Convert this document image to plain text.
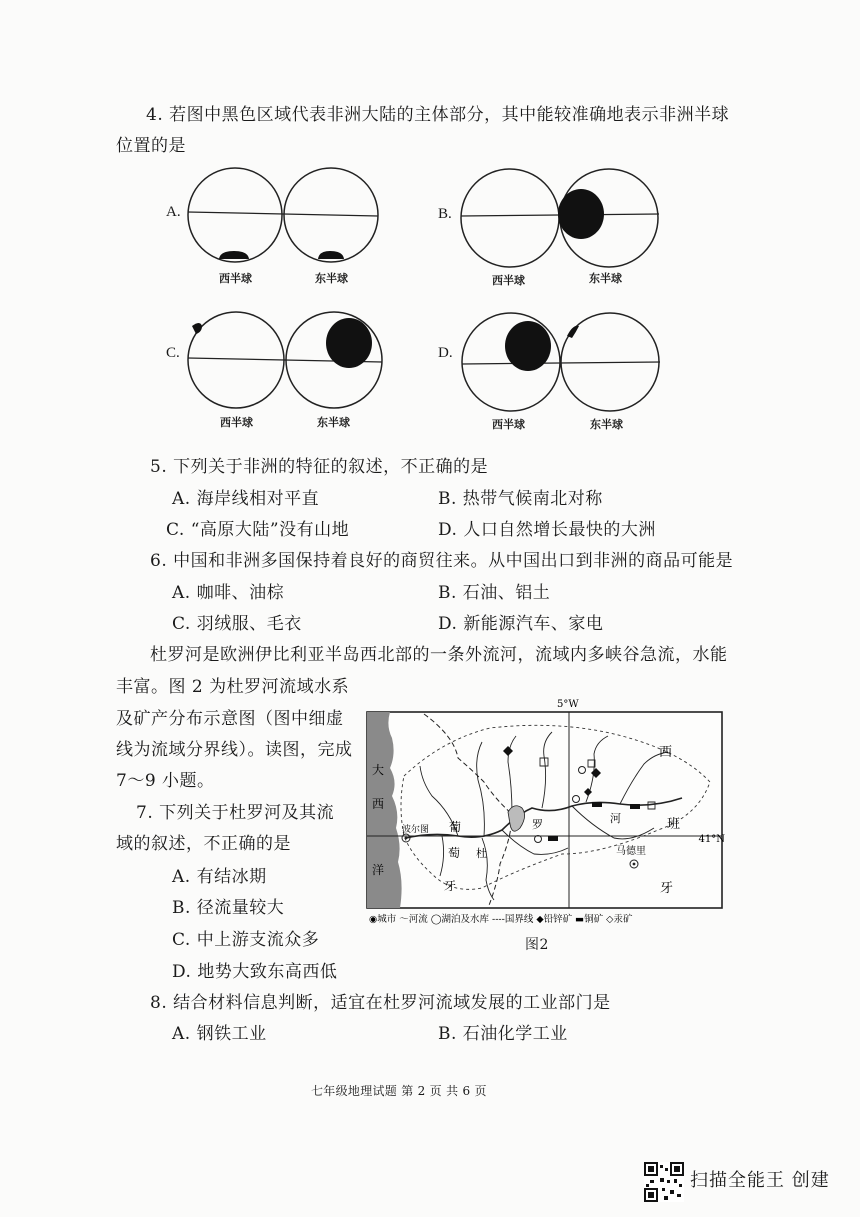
4. 若图中黑色区域代表非洲大陆的主体部分，其中能较准确地表示非洲半球
位置的是
A.
西半球	东半球
B.
西半球	东半球
C.
西半球	东半球
D.
西半球	东半球
5. 下列关于非洲的特征的叙述，不正确的是
A. 海岸线相对平直	B. 热带气候南北对称
C. “高原大陆”没有山地	D. 人口自然增长最快的大洲
6. 中国和非洲多国保持着良好的商贸往来。从中国出口到非洲的商品可能是
A. 咖啡、油棕	B. 石油、铝土
C. 羽绒服、毛衣	D. 新能源汽车、家电
杜罗河是欧洲伊比利亚半岛西北部的一条外流河，流域内多峡谷急流，水能
丰富。图 2 为杜罗河流域水系
及矿产分布示意图（图中细虚
线为流域分界线）。读图，完成
7～9 小题。
7. 下列关于杜罗河及其流
域的叙述，不正确的是
A. 有结冰期
B. 径流量较大
C. 中上游支流众多
D. 地势大致东高西低
5°W
大
西
洋
波尔图
马德里
葡
萄
牙
西
班
牙
杜
罗	河
41°N
◉城市 〜河流 ◯湖泊及水库 ----国界线 ◆铅锌矿 ▬铜矿 ◇汞矿
图2
8. 结合材料信息判断，适宜在杜罗河流域发展的工业部门是
A. 钢铁工业	B. 石油化学工业
七年级地理试题 第 2 页 共 6 页
扫描全能王 创建
